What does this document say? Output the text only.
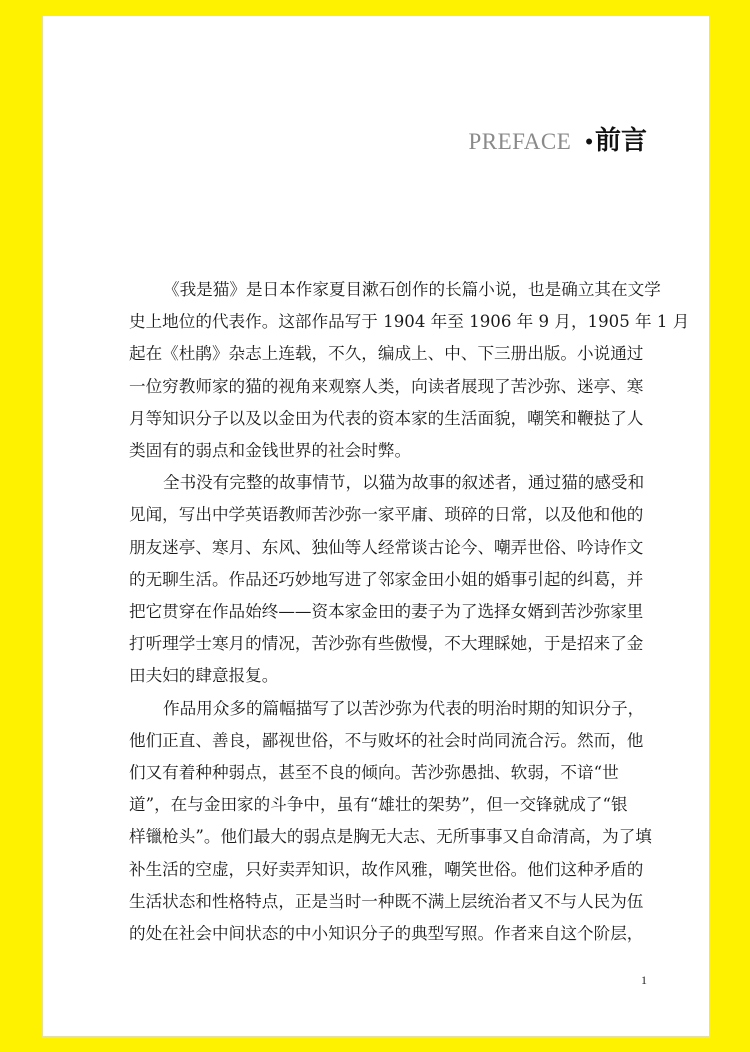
PREFACE •前言

《我是猫》是日本作家夏目漱石创作的长篇小说，也是确立其在文学
史上地位的代表作。这部作品写于 1904 年至 1906 年 9 月，1905 年 1 月
起在《杜鹃》杂志上连载，不久，编成上、中、下三册出版。小说通过
一位穷教师家的猫的视角来观察人类，向读者展现了苦沙弥、迷亭、寒
月等知识分子以及以金田为代表的资本家的生活面貌，嘲笑和鞭挞了人
类固有的弱点和金钱世界的社会时弊。

全书没有完整的故事情节，以猫为故事的叙述者，通过猫的感受和
见闻，写出中学英语教师苦沙弥一家平庸、琐碎的日常，以及他和他的
朋友迷亭、寒月、东风、独仙等人经常谈古论今、嘲弄世俗、吟诗作文
的无聊生活。作品还巧妙地写进了邻家金田小姐的婚事引起的纠葛，并
把它贯穿在作品始终——资本家金田的妻子为了选择女婿到苦沙弥家里
打听理学士寒月的情况，苦沙弥有些傲慢，不大理睬她，于是招来了金
田夫妇的肆意报复。

作品用众多的篇幅描写了以苦沙弥为代表的明治时期的知识分子，
他们正直、善良，鄙视世俗，不与败坏的社会时尚同流合污。然而，他
们又有着种种弱点，甚至不良的倾向。苦沙弥愚拙、软弱，不谙“世
道”，在与金田家的斗争中，虽有“雄壮的架势”，但一交锋就成了“银
样镴枪头”。他们最大的弱点是胸无大志、无所事事又自命清高，为了填
补生活的空虚，只好卖弄知识，故作风雅，嘲笑世俗。他们这种矛盾的
生活状态和性格特点，正是当时一种既不满上层统治者又不与人民为伍
的处在社会中间状态的中小知识分子的典型写照。作者来自这个阶层，

1
